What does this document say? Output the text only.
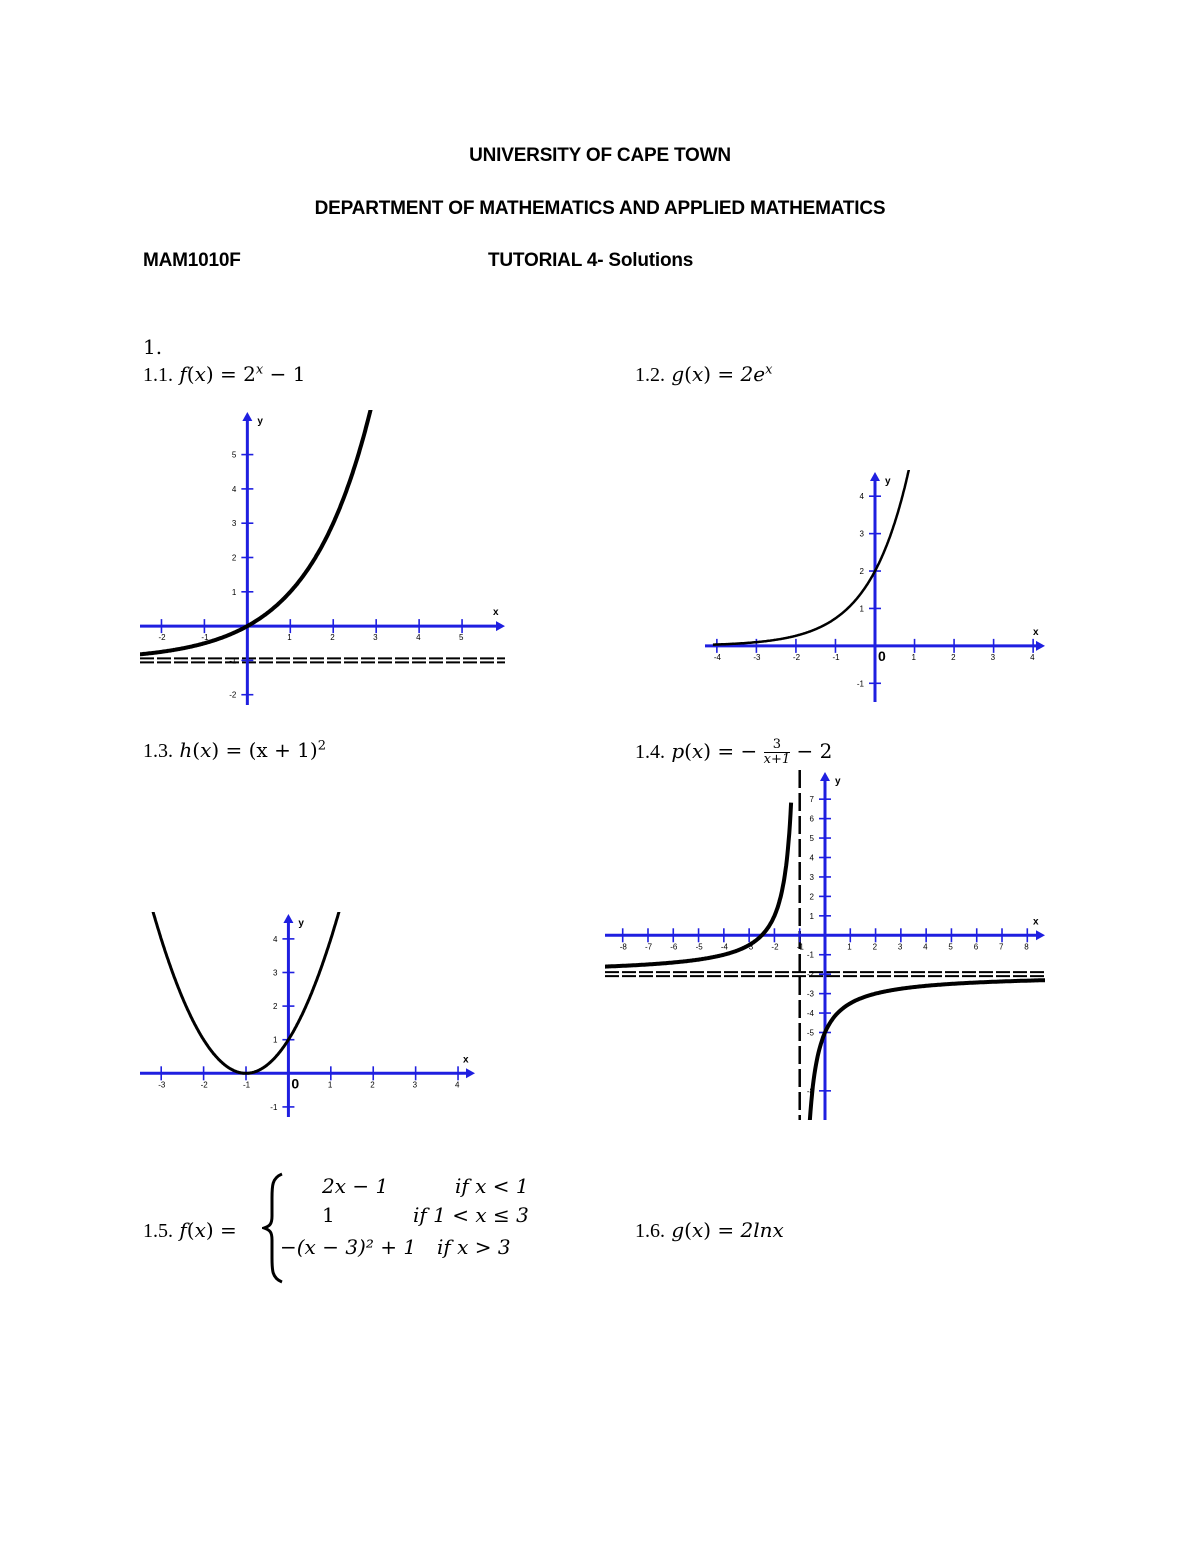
UNIVERSITY OF CAPE TOWN
DEPARTMENT OF MATHEMATICS AND APPLIED MATHEMATICS
MAM1010F	TUTORIAL 4- Solutions
1.
1.1. $f(x) = 2^x - 1$	1.2. $g(x) = 2e^x$
1.3. $h(x) = (x + 1)^2$	1.4. p(x) = − $\frac{3}{x+1} - 2$
1.5. f(x) =
2x − 1	if x < 1
1	if 1 < x ≤ 3
−(x − 3)² + 1 if x > 3
1.6. g(x) = 2lnx
x
y
-2	-1	1	2	3	4	5
5
4
3
2
1
-1
-2
x
y
-4	-3	-2	-1	0	1	2	3	4
4
3
2
1
-1
x
y
-3	-2	-1	0	1	2	3	4
4
3
2
1
-1
x
y
-8 -7 -6 -5 -4 -3 -2 -1	1	2	3	4	5	6	7	8
7
6
5
4
3
2
1
-1
-2
-3
-4
-5
-8
